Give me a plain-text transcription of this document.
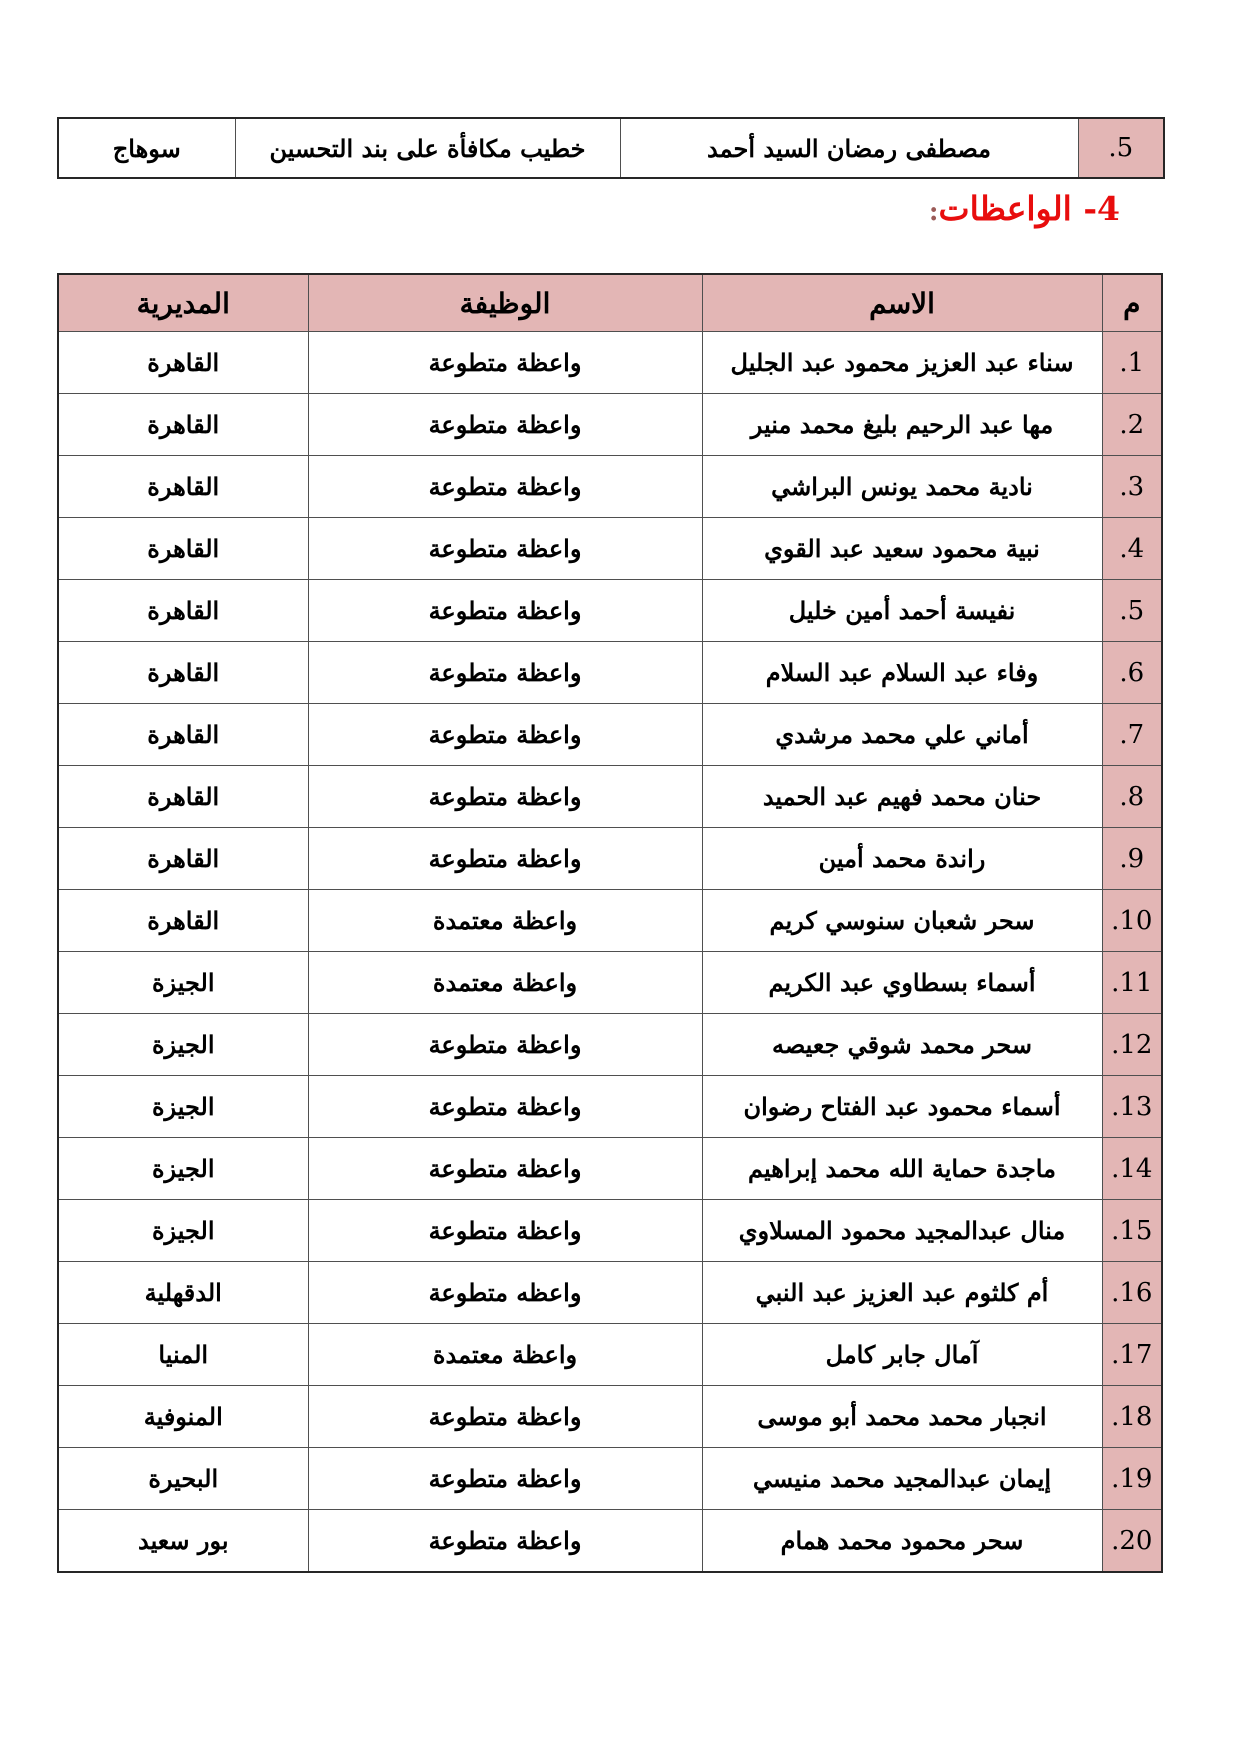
.5	مصطفى رمضان السيد أحمد	خطيب مكافأة على بند التحسين	سوهاج
4- الواعظات:
م	الاسم	الوظيفة	المديرية
.1	سناء عبد العزيز محمود عبد الجليل	واعظة متطوعة	القاهرة
.2	مها عبد الرحيم بليغ محمد منير	واعظة متطوعة	القاهرة
.3	نادية محمد يونس البراشي	واعظة متطوعة	القاهرة
.4	نبية محمود سعيد عبد القوي	واعظة متطوعة	القاهرة
.5	نفيسة أحمد أمين خليل	واعظة متطوعة	القاهرة
.6	وفاء عبد السلام عبد السلام	واعظة متطوعة	القاهرة
.7	أماني علي محمد مرشدي	واعظة متطوعة	القاهرة
.8	حنان محمد فهيم عبد الحميد	واعظة متطوعة	القاهرة
.9	راندة محمد أمين	واعظة متطوعة	القاهرة
.10	سحر شعبان سنوسي كريم	واعظة معتمدة	القاهرة
.11	أسماء بسطاوي عبد الكريم	واعظة معتمدة	الجيزة
.12	سحر محمد شوقي جعيصه	واعظة متطوعة	الجيزة
.13	أسماء محمود عبد الفتاح رضوان	واعظة متطوعة	الجيزة
.14	ماجدة حماية الله محمد إبراهيم	واعظة متطوعة	الجيزة
.15	منال عبدالمجيد محمود المسلاوي	واعظة متطوعة	الجيزة
.16	أم كلثوم عبد العزيز عبد النبي	واعظه متطوعة	الدقهلية
.17	آمال جابر كامل	واعظة معتمدة	المنيا
.18	انجبار محمد محمد أبو موسى	واعظة متطوعة	المنوفية
.19	إيمان عبدالمجيد محمد منيسي	واعظة متطوعة	البحيرة
.20	سحر محمود محمد همام	واعظة متطوعة	بور سعيد
